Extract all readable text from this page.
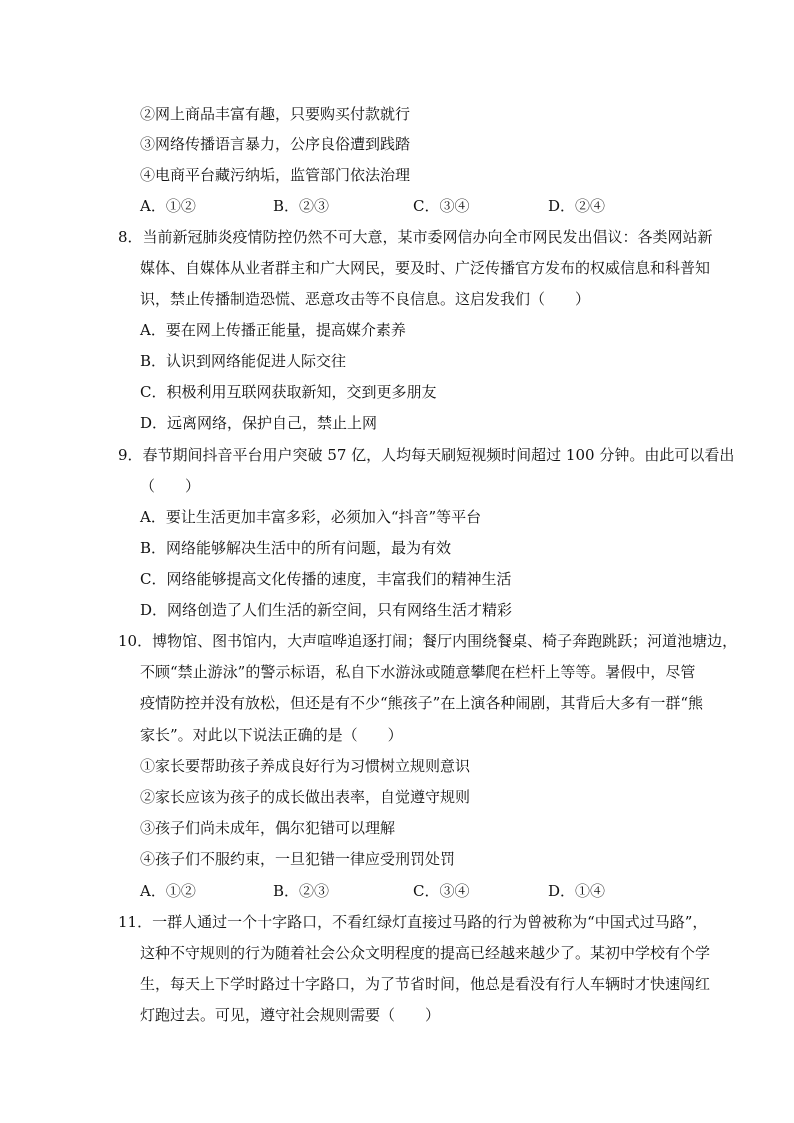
②网上商品丰富有趣，只要购买付款就行
③网络传播语言暴力，公序良俗遭到践踏
④电商平台藏污纳垢，监管部门依法治理
A．①②	B．②③	C．③④	D．②④
8．当前新冠肺炎疫情防控仍然不可大意，某市委网信办向全市网民发出倡议：各类网站新
媒体、自媒体从业者群主和广大网民，要及时、广泛传播官方发布的权威信息和科普知
识，禁止传播制造恐慌、恶意攻击等不良信息。这启发我们（　　）
A．要在网上传播正能量，提高媒介素养
B．认识到网络能促进人际交往
C．积极利用互联网获取新知，交到更多朋友
D．远离网络，保护自己，禁止上网
9．春节期间抖音平台用户突破 57 亿，人均每天刷短视频时间超过 100 分钟。由此可以看出
（　　）
A．要让生活更加丰富多彩，必须加入“抖音”等平台
B．网络能够解决生活中的所有问题，最为有效
C．网络能够提高文化传播的速度，丰富我们的精神生活
D．网络创造了人们生活的新空间，只有网络生活才精彩
10．博物馆、图书馆内，大声喧哗追逐打闹；餐厅内围绕餐桌、椅子奔跑跳跃；河道池塘边，
不顾“禁止游泳”的警示标语，私自下水游泳或随意攀爬在栏杆上等等。暑假中，尽管
疫情防控并没有放松，但还是有不少“熊孩子”在上演各种闹剧，其背后大多有一群“熊
家长”。对此以下说法正确的是（　　）
①家长要帮助孩子养成良好行为习惯树立规则意识
②家长应该为孩子的成长做出表率，自觉遵守规则
③孩子们尚未成年，偶尔犯错可以理解
④孩子们不服约束，一旦犯错一律应受刑罚处罚
A．①②	B．②③	C．③④	D．①④
11．一群人通过一个十字路口，不看红绿灯直接过马路的行为曾被称为“中国式过马路”，
这种不守规则的行为随着社会公众文明程度的提高已经越来越少了。某初中学校有个学
生，每天上下学时路过十字路口，为了节省时间，他总是看没有行人车辆时才快速闯红
灯跑过去。可见，遵守社会规则需要（　　）
